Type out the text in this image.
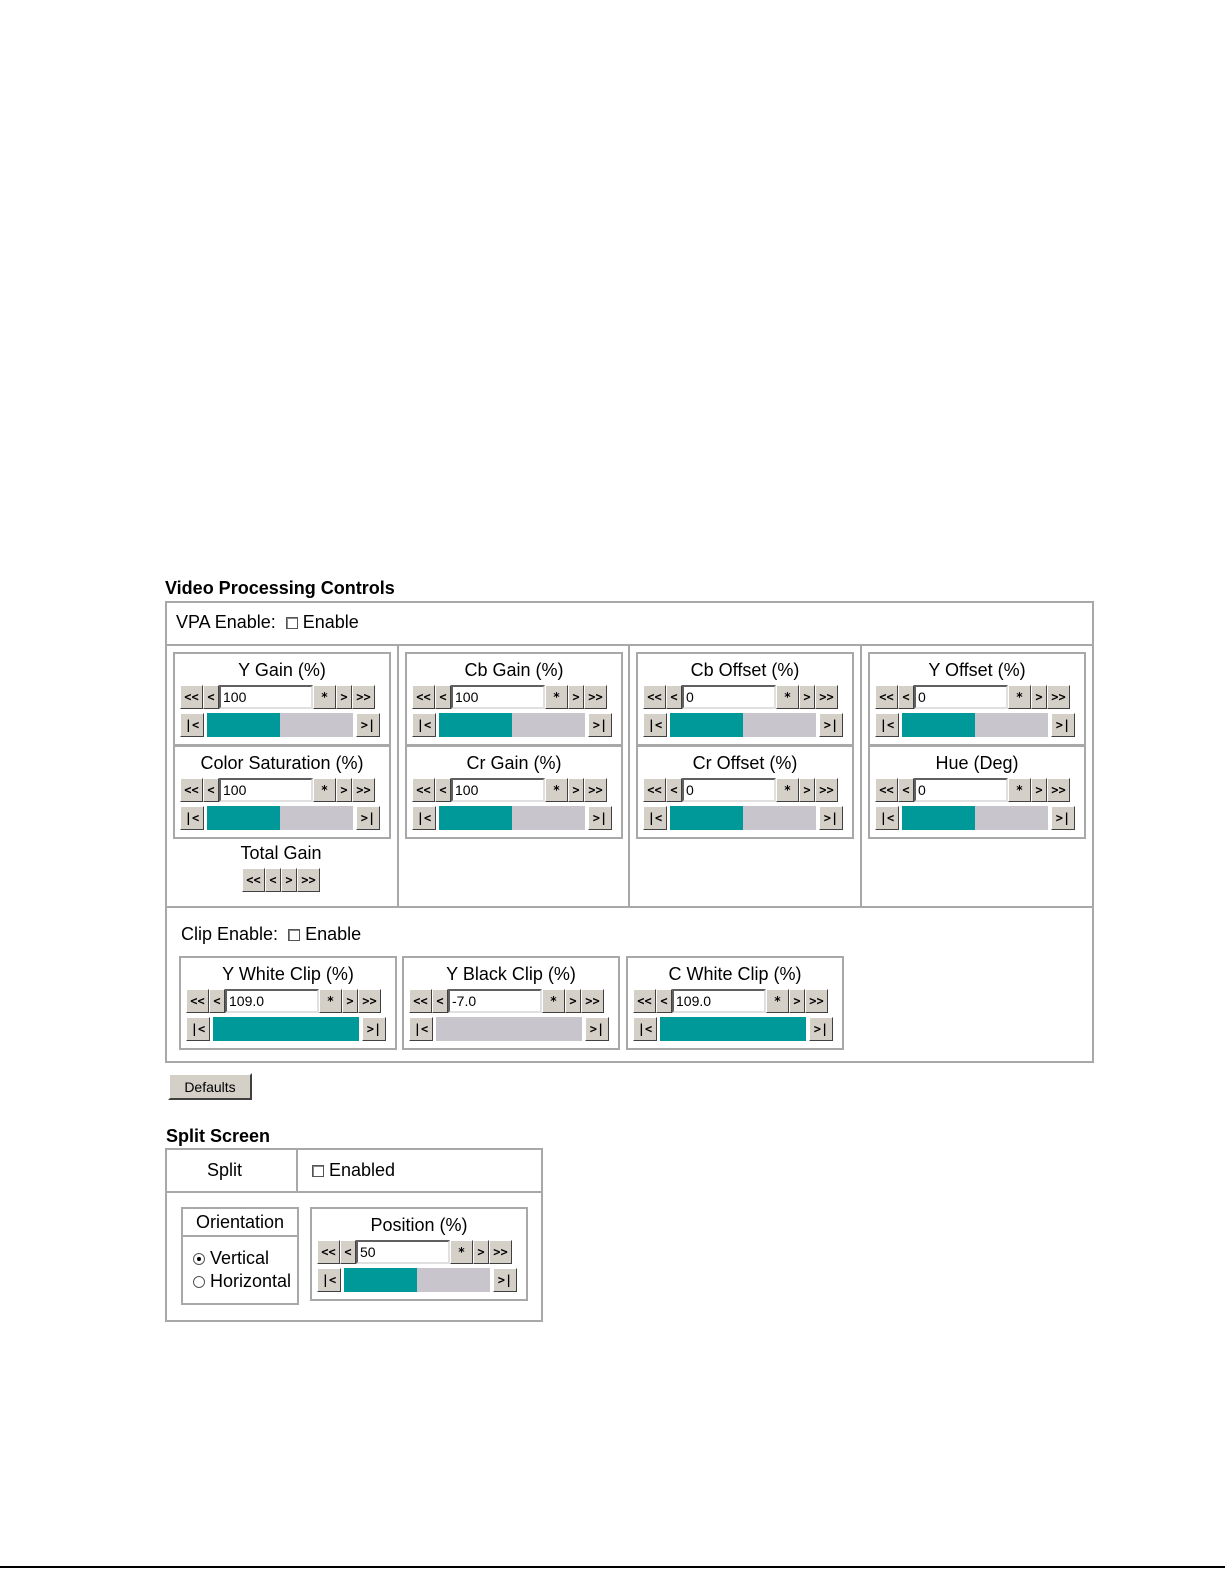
Video Processing Controls
VPA Enable: Enable
Y Gain (%)
<< <
100	*	> >>
|<	>|
Cb Gain (%)
<< <
100	*	> >>
|<	>|
Cb Offset (%)
<< <
0	*	> >>
|<	>|
Y Offset (%)
<< <
0	*	> >>
|<	>|
Color Saturation (%)
<< <
100	*	> >>
|<	>|
Cr Gain (%)
<< <
100	*	> >>
|<	>|
Cr Offset (%)
<< <
0	*	> >>
|<	>|
Hue (Deg)
<< <
0	*	> >>
|<	>|
Total Gain
<< < > >>
Clip Enable: Enable
Y White Clip (%)
<< <
109.0	*	> >>
|<	>|
Y Black Clip (%)
<< <
-7.0	*	> >>
|<	>|
C White Clip (%)
<< <
109.0	*	> >>
|<	>|
Defaults
Split Screen
Split	Enabled
Orientation
Vertical
Horizontal
Position (%)
<< <
50	*	> >>
|<	>|
